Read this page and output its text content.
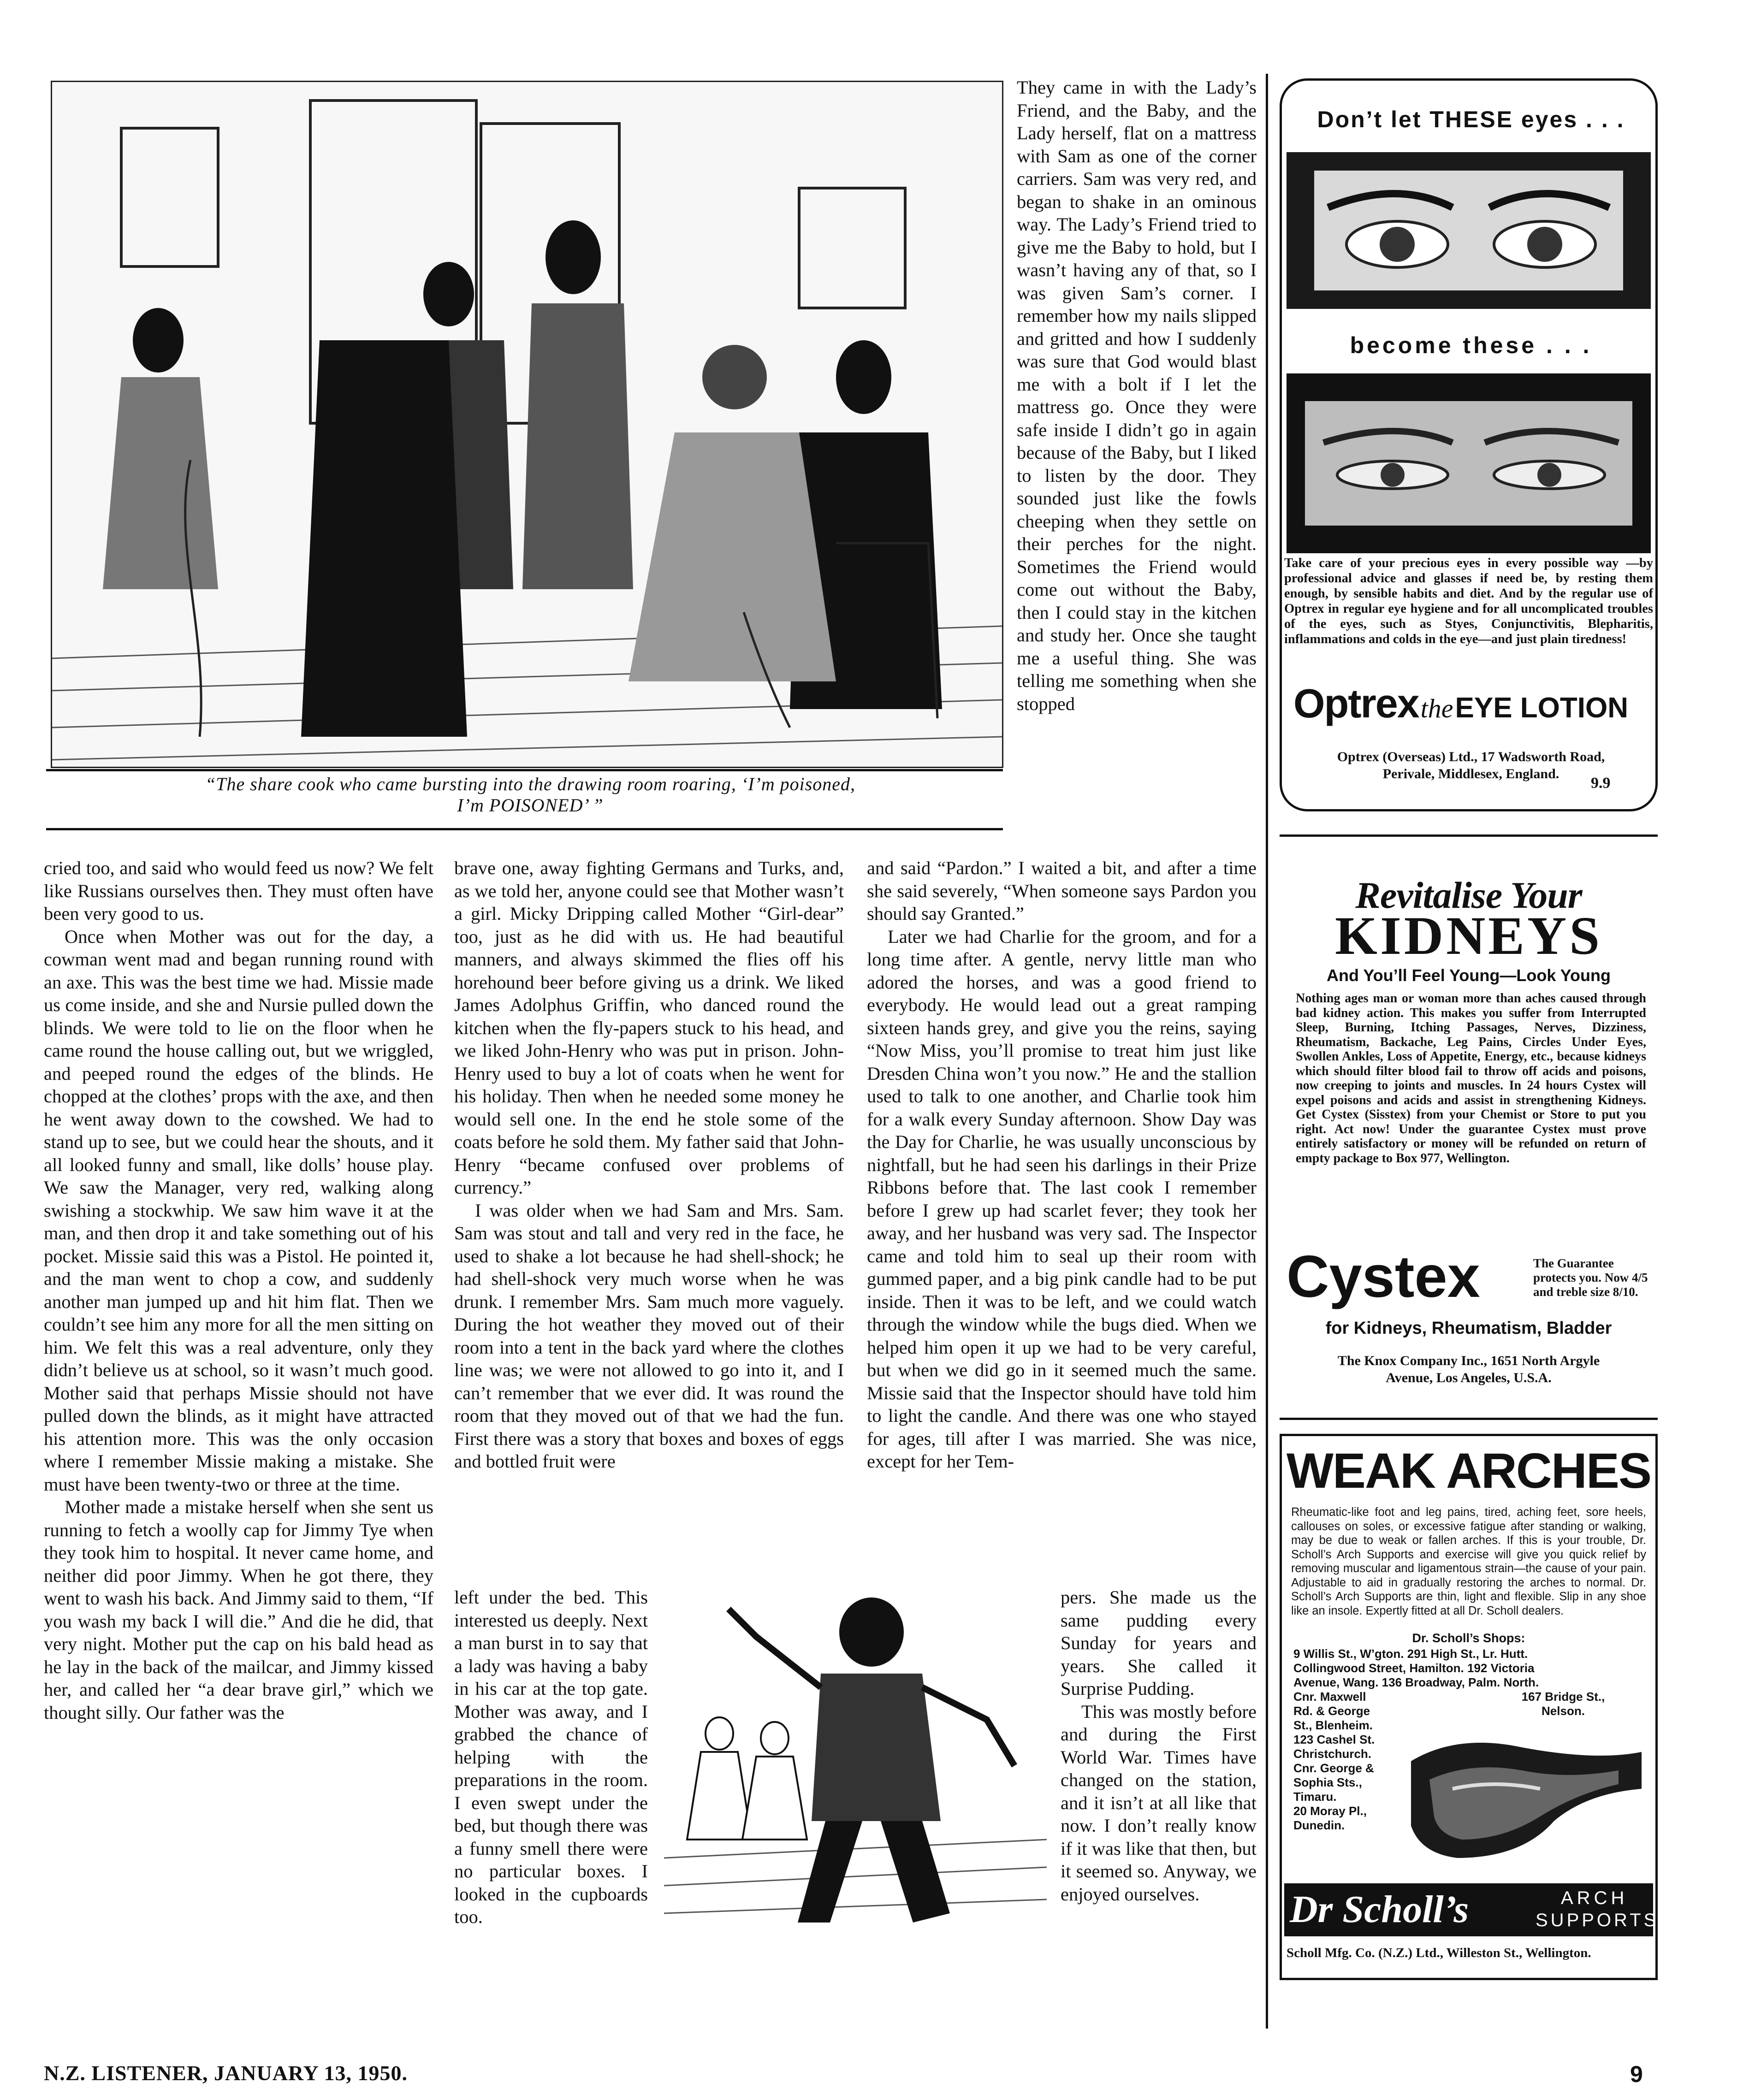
“The share cook who came bursting into the drawing room roaring, ‘I’m poisoned,
I’m POISONED’ ”

They came in with the Lady’s Friend, and the Baby, and the Lady herself, flat on a mattress with Sam as one of the corner carriers. Sam was very red, and began to shake in an ominous way. The Lady’s Friend tried to give me the Baby to hold, but I wasn’t having any of that, so I was given Sam’s corner. I remember how my nails slipped and gritted and how I suddenly was sure that God would blast me with a bolt if I let the mattress go. Once they were safe inside I didn’t go in again because of the Baby, but I liked to listen by the door. They sounded just like the fowls cheeping when they settle on their perches for the night. Sometimes the Friend would come out without the Baby, then I could stay in the kitchen and study her. Once she taught me a useful thing. She was telling me something when she stopped

cried too, and said who would feed us now? We felt like Russians ourselves then. They must often have been very good to us.

Once when Mother was out for the day, a cowman went mad and began running round with an axe. This was the best time we had. Missie made us come inside, and she and Nursie pulled down the blinds. We were told to lie on the floor when he came round the house calling out, but we wriggled, and peeped round the edges of the blinds. He chopped at the clothes’ props with the axe, and then he went away down to the cowshed. We had to stand up to see, but we could hear the shouts, and it all looked funny and small, like dolls’ house play. We saw the Manager, very red, walking along swishing a stockwhip. We saw him wave it at the man, and then drop it and take something out of his pocket. Missie said this was a Pistol. He pointed it, and the man went to chop a cow, and suddenly another man jumped up and hit him flat. Then we couldn’t see him any more for all the men sitting on him. We felt this was a real adventure, only they didn’t believe us at school, so it wasn’t much good. Mother said that perhaps Missie should not have pulled down the blinds, as it might have attracted his attention more. This was the only occasion where I remember Missie making a mistake. She must have been twenty-two or three at the time.

Mother made a mistake herself when she sent us running to fetch a woolly cap for Jimmy Tye when they took him to hospital. It never came home, and neither did poor Jimmy. When he got there, they went to wash his back. And Jimmy said to them, “If you wash my back I will die.” And die he did, that very night. Mother put the cap on his bald head as he lay in the back of the mailcar, and Jimmy kissed her, and called her “a dear brave girl,” which we thought silly. Our father was the

brave one, away fighting Germans and Turks, and, as we told her, anyone could see that Mother wasn’t a girl. Micky Dripping called Mother “Girl-dear” too, just as he did with us. He had beautiful manners, and always skimmed the flies off his horehound beer before giving us a drink. We liked James Adolphus Griffin, who danced round the kitchen when the fly-papers stuck to his head, and we liked John-Henry who was put in prison. John-Henry used to buy a lot of coats when he went for his holiday. Then when he needed some money he would sell one. In the end he stole some of the coats before he sold them. My father said that John-Henry “became confused over problems of currency.”

I was older when we had Sam and Mrs. Sam. Sam was stout and tall and very red in the face, he used to shake a lot because he had shell-shock; he had shell-shock very much worse when he was drunk. I remember Mrs. Sam much more vaguely. During the hot weather they moved out of their room into a tent in the back yard where the clothes line was; we were not allowed to go into it, and I can’t remember that we ever did. It was round the room that they moved out of that we had the fun. First there was a story that boxes and boxes of eggs and bottled fruit were

left under the bed. This interested us deeply. Next a man burst in to say that a lady was having a baby in his car at the top gate. Mother was away, and I grabbed the chance of helping with the preparations in the room. I even swept under the bed, but though there was a funny smell there were no particular boxes. I looked in the cupboards too.

and said “Pardon.” I waited a bit, and after a time she said severely, “When someone says Pardon you should say Granted.”

Later we had Charlie for the groom, and for a long time after. A gentle, nervy little man who adored the horses, and was a good friend to everybody. He would lead out a great ramping sixteen hands grey, and give you the reins, saying “Now Miss, you’ll promise to treat him just like Dresden China won’t you now.” He and the stallion used to talk to one another, and Charlie took him for a walk every Sunday afternoon. Show Day was the Day for Charlie, he was usually unconscious by nightfall, but he had seen his darlings in their Prize Ribbons before that. The last cook I remember before I grew up had scarlet fever; they took her away, and her husband was very sad. The Inspector came and told him to seal up their room with gummed paper, and a big pink candle had to be put inside. Then it was to be left, and we could watch through the window while the bugs died. When we helped him open it up we had to be very careful, but when we did go in it seemed much the same. Missie said that the Inspector should have told him to light the candle. And there was one who stayed for ages, till after I was married. She was nice, except for her Tem-

pers. She made us the same pudding every Sunday for years and years. She called it Surprise Pudding.

This was mostly before and during the First World War. Times have changed on the station, and it isn’t at all like that now. I don’t really know if it was like that then, but it seemed so. Anyway, we enjoyed ourselves.

Don’t let THESE eyes . . .
become these . . .
Take care of your precious eyes in every possible way —by professional advice and glasses if need be, by resting them enough, by sensible habits and diet. And by the regular use of Optrex in regular eye hygiene and for all uncomplicated troubles of the eyes, such as Styes, Conjunctivitis, Blepharitis, inflammations and colds in the eye—and just plain tiredness!
Optrex the EYE LOTION
Optrex (Overseas) Ltd., 17 Wadsworth Road,
Perivale, Middlesex, England.
9.9
Revitalise Your
KIDNEYS
And You’ll Feel Young—Look Young
Nothing ages man or woman more than aches caused through bad kidney action. This makes you suffer from Interrupted Sleep, Burning, Itching Passages, Nerves, Dizziness, Rheumatism, Backache, Leg Pains, Circles Under Eyes, Swollen Ankles, Loss of Appetite, Energy, etc., because kidneys which should filter blood fail to throw off acids and poisons, now creeping to joints and muscles. In 24 hours Cystex will expel poisons and acids and assist in strengthening Kidneys. Get Cystex (Sisstex) from your Chemist or Store to put you right. Act now! Under the guarantee Cystex must prove entirely satisfactory or money will be refunded on return of empty package to Box 977, Wellington.
Cystex	The Guarantee protects you. Now 4/5 and treble size 8/10.
for Kidneys, Rheumatism, Bladder
The Knox Company Inc., 1651 North Argyle
Avenue, Los Angeles, U.S.A.
WEAK ARCHES
Rheumatic-like foot and leg pains, tired, aching feet, sore heels, callouses on soles, or excessive fatigue after standing or walking, may be due to weak or fallen arches. If this is your trouble, Dr. Scholl’s Arch Supports and exercise will give you quick relief by removing muscular and ligamentous strain—the cause of your pain. Adjustable to aid in gradually restoring the arches to normal. Dr. Scholl’s Arch Supports are thin, light and flexible. Slip in any shoe like an insole. Expertly fitted at all Dr. Scholl dealers.
Dr. Scholl’s Shops:
9 Willis St., W’gton. 291 High St., Lr. Hutt.
Collingwood Street, Hamilton. 192 Victoria
Avenue, Wang. 136 Broadway, Palm. North.
Cnr. Maxwell
Rd. & George
St., Blenheim.
123 Cashel St.
Christchurch.
Cnr. George &
Sophia Sts.,
Timaru.
20 Moray Pl.,
Dunedin.
167 Bridge St.,
Nelson.
Dr Scholl’s	ARCH
SUPPORTS
Scholl Mfg. Co. (N.Z.) Ltd., Willeston St., Wellington.
N.Z. LISTENER, JANUARY 13, 1950.	9
